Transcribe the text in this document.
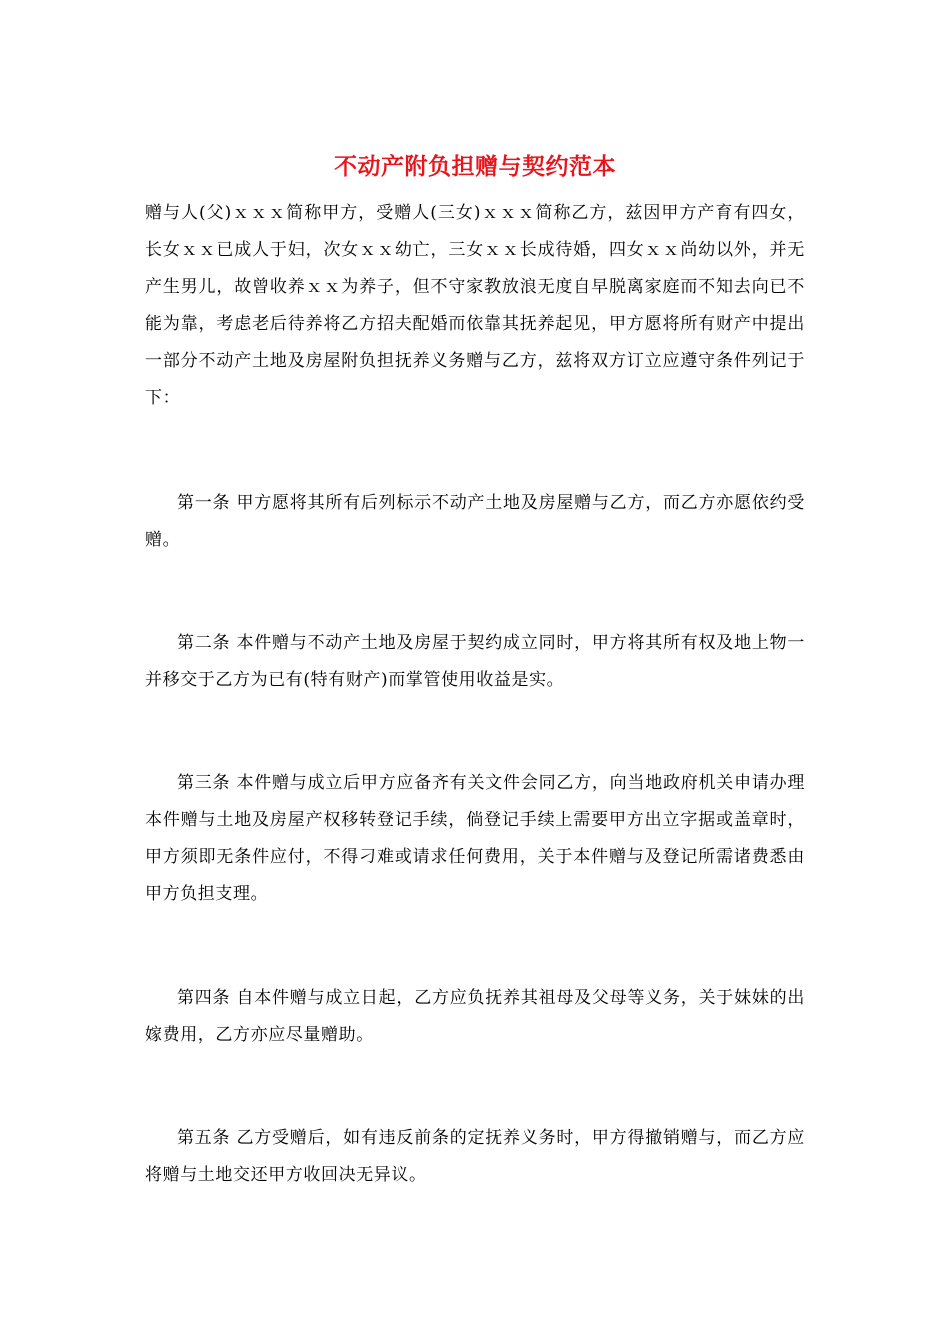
不动产附负担赠与契约范本

赠与人(父)ｘｘｘ简称甲方，受赠人(三女)ｘｘｘ简称乙方，兹因甲方产育有四女，长女ｘｘ已成人于妇，次女ｘｘ幼亡，三女ｘｘ长成待婚，四女ｘｘ尚幼以外，并无产生男儿，故曾收养ｘｘ为养子，但不守家教放浪无度自早脱离家庭而不知去向已不能为靠，考虑老后待养将乙方招夫配婚而依靠其抚养起见，甲方愿将所有财产中提出一部分不动产土地及房屋附负担抚养义务赠与乙方，兹将双方订立应遵守条件列记于下：

第一条 甲方愿将其所有后列标示不动产土地及房屋赠与乙方，而乙方亦愿依约受赠。

第二条 本件赠与不动产土地及房屋于契约成立同时，甲方将其所有权及地上物一并移交于乙方为已有(特有财产)而掌管使用收益是实。

第三条 本件赠与成立后甲方应备齐有关文件会同乙方，向当地政府机关申请办理本件赠与土地及房屋产权移转登记手续，倘登记手续上需要甲方出立字据或盖章时，甲方须即无条件应付，不得刁难或请求任何费用，关于本件赠与及登记所需诸费悉由甲方负担支理。

第四条 自本件赠与成立日起，乙方应负抚养其祖母及父母等义务，关于妹妹的出嫁费用，乙方亦应尽量赠助。

第五条 乙方受赠后，如有违反前条的定抚养义务时，甲方得撤销赠与，而乙方应将赠与土地交还甲方收回决无异议。
